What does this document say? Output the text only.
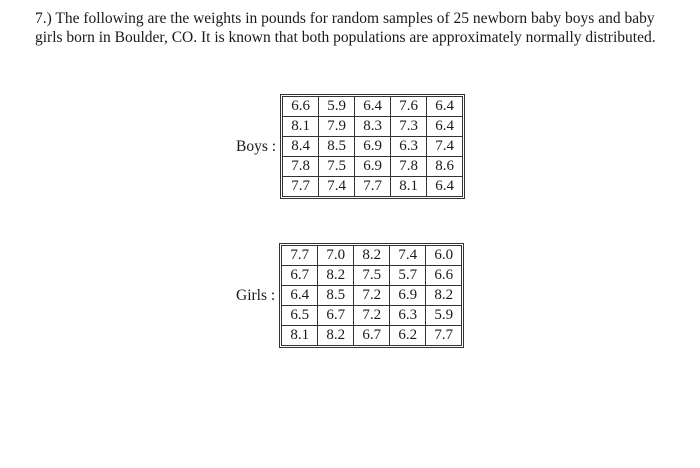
7.) The following are the weights in pounds for random samples of 25 newborn baby boys and baby girls born in Boulder, CO. It is known that both populations are approximately normally distributed.

Boys :
6.6	5.9	6.4	7.6	6.4
8.1	7.9	8.3	7.3	6.4
8.4	8.5	6.9	6.3	7.4
7.8	7.5	6.9	7.8	8.6
7.7	7.4	7.7	8.1	6.4
Girls :
7.7	7.0	8.2	7.4	6.0
6.7	8.2	7.5	5.7	6.6
6.4	8.5	7.2	6.9	8.2
6.5	6.7	7.2	6.3	5.9
8.1	8.2	6.7	6.2	7.7
